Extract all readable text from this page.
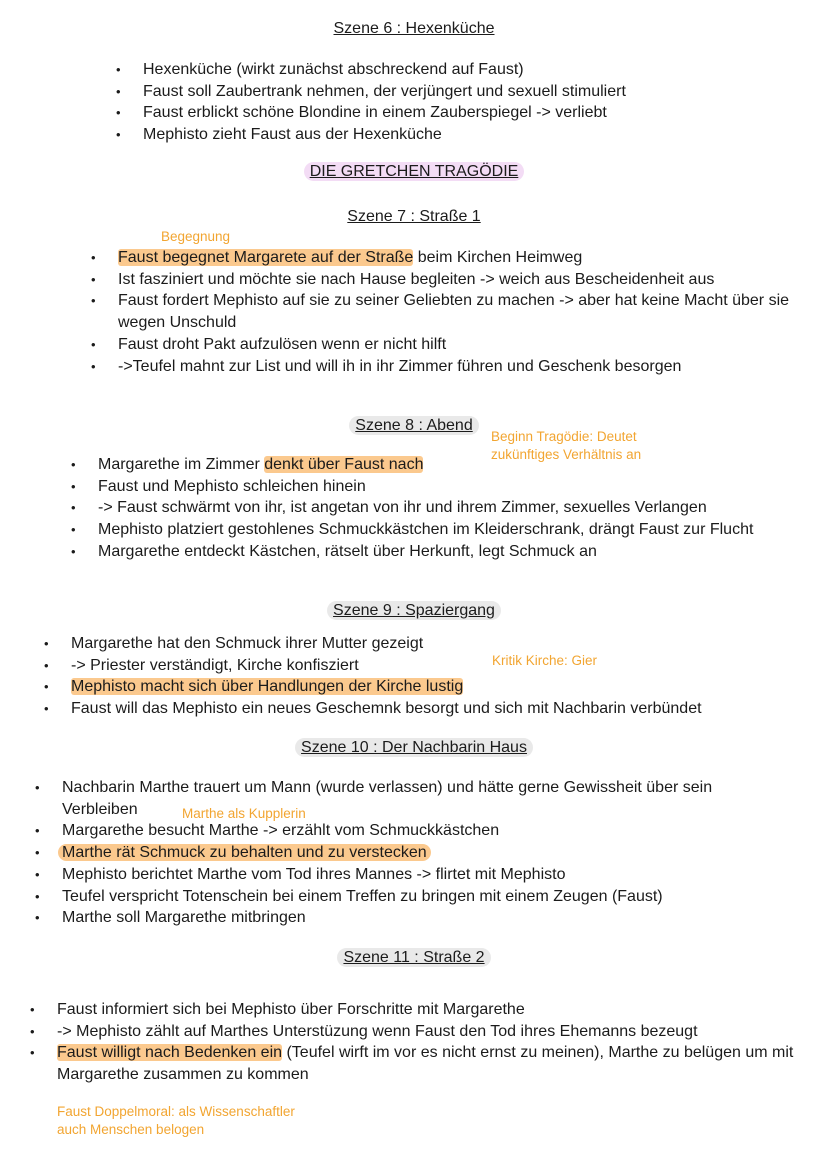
Szene 6 : Hexenküche
• Hexenküche (wirkt zunächst abschreckend auf Faust)
• Faust soll Zaubertrank nehmen, der verjüngert und sexuell stimuliert
• Faust erblickt schöne Blondine in einem Zauberspiegel -> verliebt
• Mephisto zieht Faust aus der Hexenküche
DIE GRETCHEN TRAGÖDIE
Szene 7 : Straße 1
Begegnung
• Faust begegnet Margarete auf der Straße beim Kirchen Heimweg
• Ist fasziniert und möchte sie nach Hause begleiten -> weich aus Bescheidenheit aus
• Faust fordert Mephisto auf sie zu seiner Geliebten zu machen -> aber hat keine Macht über sie wegen Unschuld
• Faust droht Pakt aufzulösen wenn er nicht hilft
• ->Teufel mahnt zur List und will ih in ihr Zimmer führen und Geschenk besorgen
Szene 8 : Abend
Beginn Tragödie: Deutet
zukünftiges Verhältnis an
• Margarethe im Zimmer denkt über Faust nach
• Faust und Mephisto schleichen hinein
• -> Faust schwärmt von ihr, ist angetan von ihr und ihrem Zimmer, sexuelles Verlangen
• Mephisto platziert gestohlenes Schmuckkästchen im Kleiderschrank, drängt Faust zur Flucht
• Margarethe entdeckt Kästchen, rätselt über Herkunft, legt Schmuck an
Szene 9 : Spaziergang
Kritik Kirche: Gier
• Margarethe hat den Schmuck ihrer Mutter gezeigt
• -> Priester verständigt, Kirche konfisziert
• Mephisto macht sich über Handlungen der Kirche lustig
• Faust will das Mephisto ein neues Geschemnk besorgt und sich mit Nachbarin verbündet
Szene 10 : Der Nachbarin Haus
• Nachbarin Marthe trauert um Mann (wurde verlassen) und hätte gerne Gewissheit über sein
Verbleiben
• Margarethe besucht Marthe -> erzählt vom Schmuckkästchen
• Marthe rät Schmuck zu behalten und zu verstecken
• Mephisto berichtet Marthe vom Tod ihres Mannes -> flirtet mit Mephisto
• Teufel verspricht Totenschein bei einem Treffen zu bringen mit einem Zeugen (Faust)
• Marthe soll Margarethe mitbringen
Marthe als Kupplerin
Szene 11 : Straße 2
• Faust informiert sich bei Mephisto über Forschritte mit Margarethe
• -> Mephisto zählt auf Marthes Unterstüzung wenn Faust den Tod ihres Ehemanns bezeugt
• Faust willigt nach Bedenken ein (Teufel wirft im vor es nicht ernst zu meinen), Marthe zu belügen um mit Margarethe zusammen zu kommen
Faust Doppelmoral: als Wissenschaftler
auch Menschen belogen
